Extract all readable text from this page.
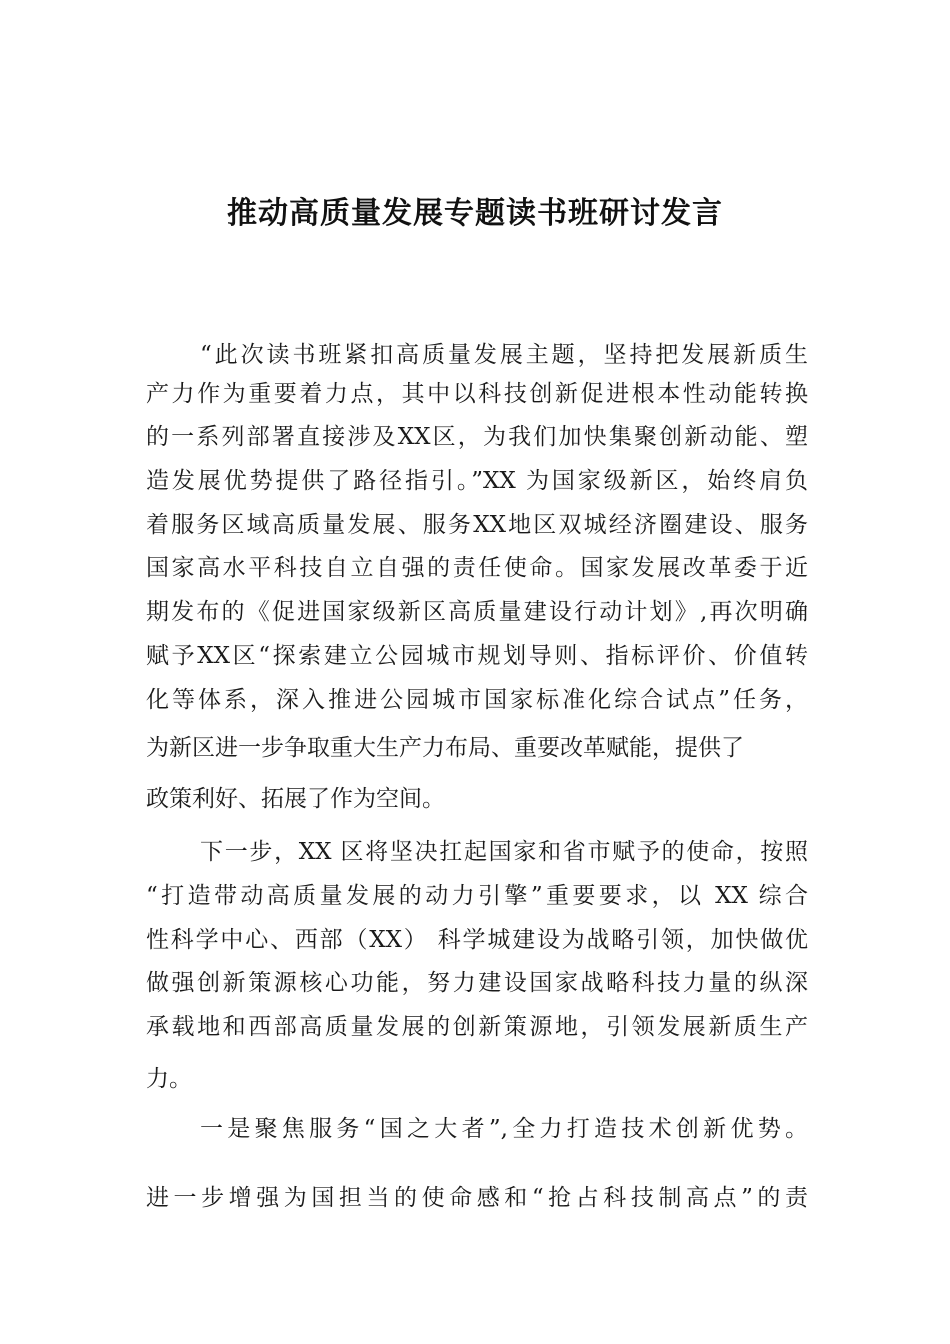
推动高质量发展专题读书班研讨发言
“此次读书班紧扣高质量发展主题，坚持把发展新质生
产力作为重要着力点，其中以科技创新促进根本性动能转换
的一系列部署直接涉及XX区，为我们加快集聚创新动能、塑
造发展优势提供了路径指引。”XX 为国家级新区，始终肩负
着服务区域高质量发展、服务XX地区双城经济圈建设、服务
国家高水平科技自立自强的责任使命。国家发展改革委于近
期发布的《促进国家级新区高质量建设行动计划》,再次明确
赋予XX区“探索建立公园城市规划导则、指标评价、价值转
化等体系，深入推进公园城市国家标准化综合试点”任务，
为新区进一步争取重大生产力布局、重要改革赋能，提供了
政策利好、拓展了作为空间。
下一步，XX 区将坚决扛起国家和省市赋予的使命，按照
“打造带动高质量发展的动力引擎”重要要求，以 XX 综合
性科学中心、西部（XX） 科学城建设为战略引领，加快做优
做强创新策源核心功能，努力建设国家战略科技力量的纵深
承载地和西部高质量发展的创新策源地，引领发展新质生产
力。
一是聚焦服务“国之大者”,全力打造技术创新优势。
进一步增强为国担当的使命感和“抢占科技制高点”的责
